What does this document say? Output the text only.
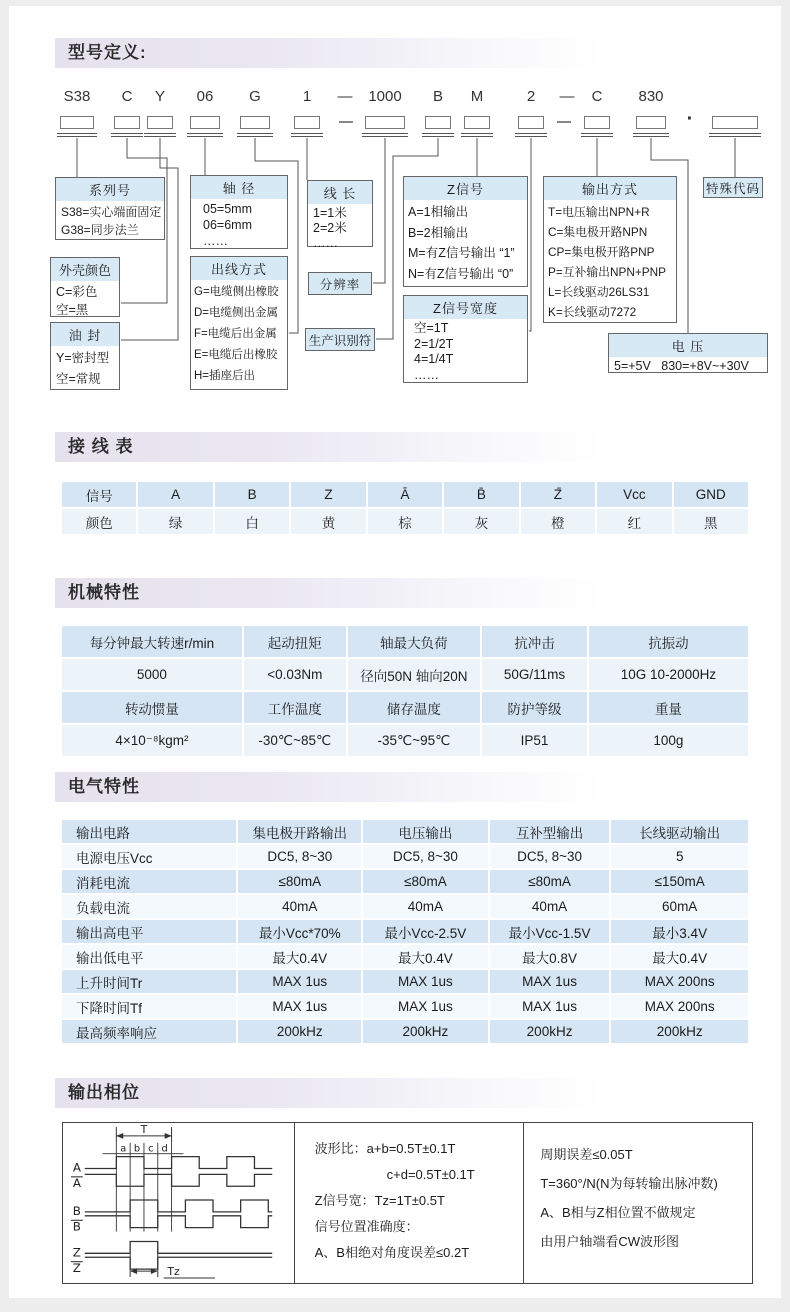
型号定义:
S38	C	Y	06	G	1	—	1000	B	M	2	—	C	830
·
系列号
S38=实心端面固定
G38=同步法兰
外壳颜色
C=彩色
空=黑
油 封
Y=密封型
空=常规
轴 径
05=5mm
06=6mm
……
出线方式
G=电缆侧出橡胶
D=电缆侧出金属
F=电缆后出金属
E=电缆后出橡胶
H=插座后出
线 长
1=1米
2=2米
……
分辨率
生产识别符
Z信号
A=1相输出
B=2相输出
M=有Z信号输出 “1”
N=有Z信号输出 “0”
Z信号宽度
空=1T
2=1/2T
4=1/4T
……
输出方式
T=电压输出NPN+R
C=集电极开路NPN
CP=集电极开路PNP
P=互补输出NPN+PNP
L=长线驱动26LS31
K=长线驱动7272
特殊代码
电 压
5=+5V   830=+8V~+30V
接 线 表
信号	A	B	Z	Ā	B̄	Z̄	Vcc	GND
颜色	绿	白	黄	棕	灰	橙	红	黑
机械特性
每分钟最大转速r/min	起动扭矩	轴最大负荷	抗冲击	抗振动
5000	<0.03Nm	径向50N 轴向20N	50G/11ms	10G 10-2000Hz
转动惯量	工作温度	储存温度	防护等级	重量
4×10⁻⁸kgm²	-30℃~85℃	-35℃~95℃	IP51	100g
电气特性
输出电路	集电极开路输出	电压输出	互补型输出	长线驱动输出
电源电压Vcc	DC5, 8~30	DC5, 8~30	DC5, 8~30	5
消耗电流	≤80mA	≤80mA	≤80mA	≤150mA
负载电流	40mA	40mA	40mA	60mA
输出高电平	最小Vcc*70%	最小Vcc-2.5V	最小Vcc-1.5V	最小3.4V
输出低电平	最大0.4V	最大0.4V	最大0.8V	最大0.4V
上升时间Tr	MAX 1us	MAX 1us	MAX 1us	MAX 200ns
下降时间Tf	MAX 1us	MAX 1us	MAX 1us	MAX 200ns
最高频率响应	200kHz	200kHz	200kHz	200kHz
输出相位
T
a b c d
A
A
B
B
Z
Z	Tz
波形比：a+b=0.5T±0.1T
c+d=0.5T±0.1T
Z信号宽：Tz=1T±0.5T
信号位置准确度：
A、B相绝对角度误差≤0.2T
周期误差≤0.05T
T=360°/N(N为每转输出脉冲数)
A、B相与Z相位置不做规定
由用户轴端看CW波形图
